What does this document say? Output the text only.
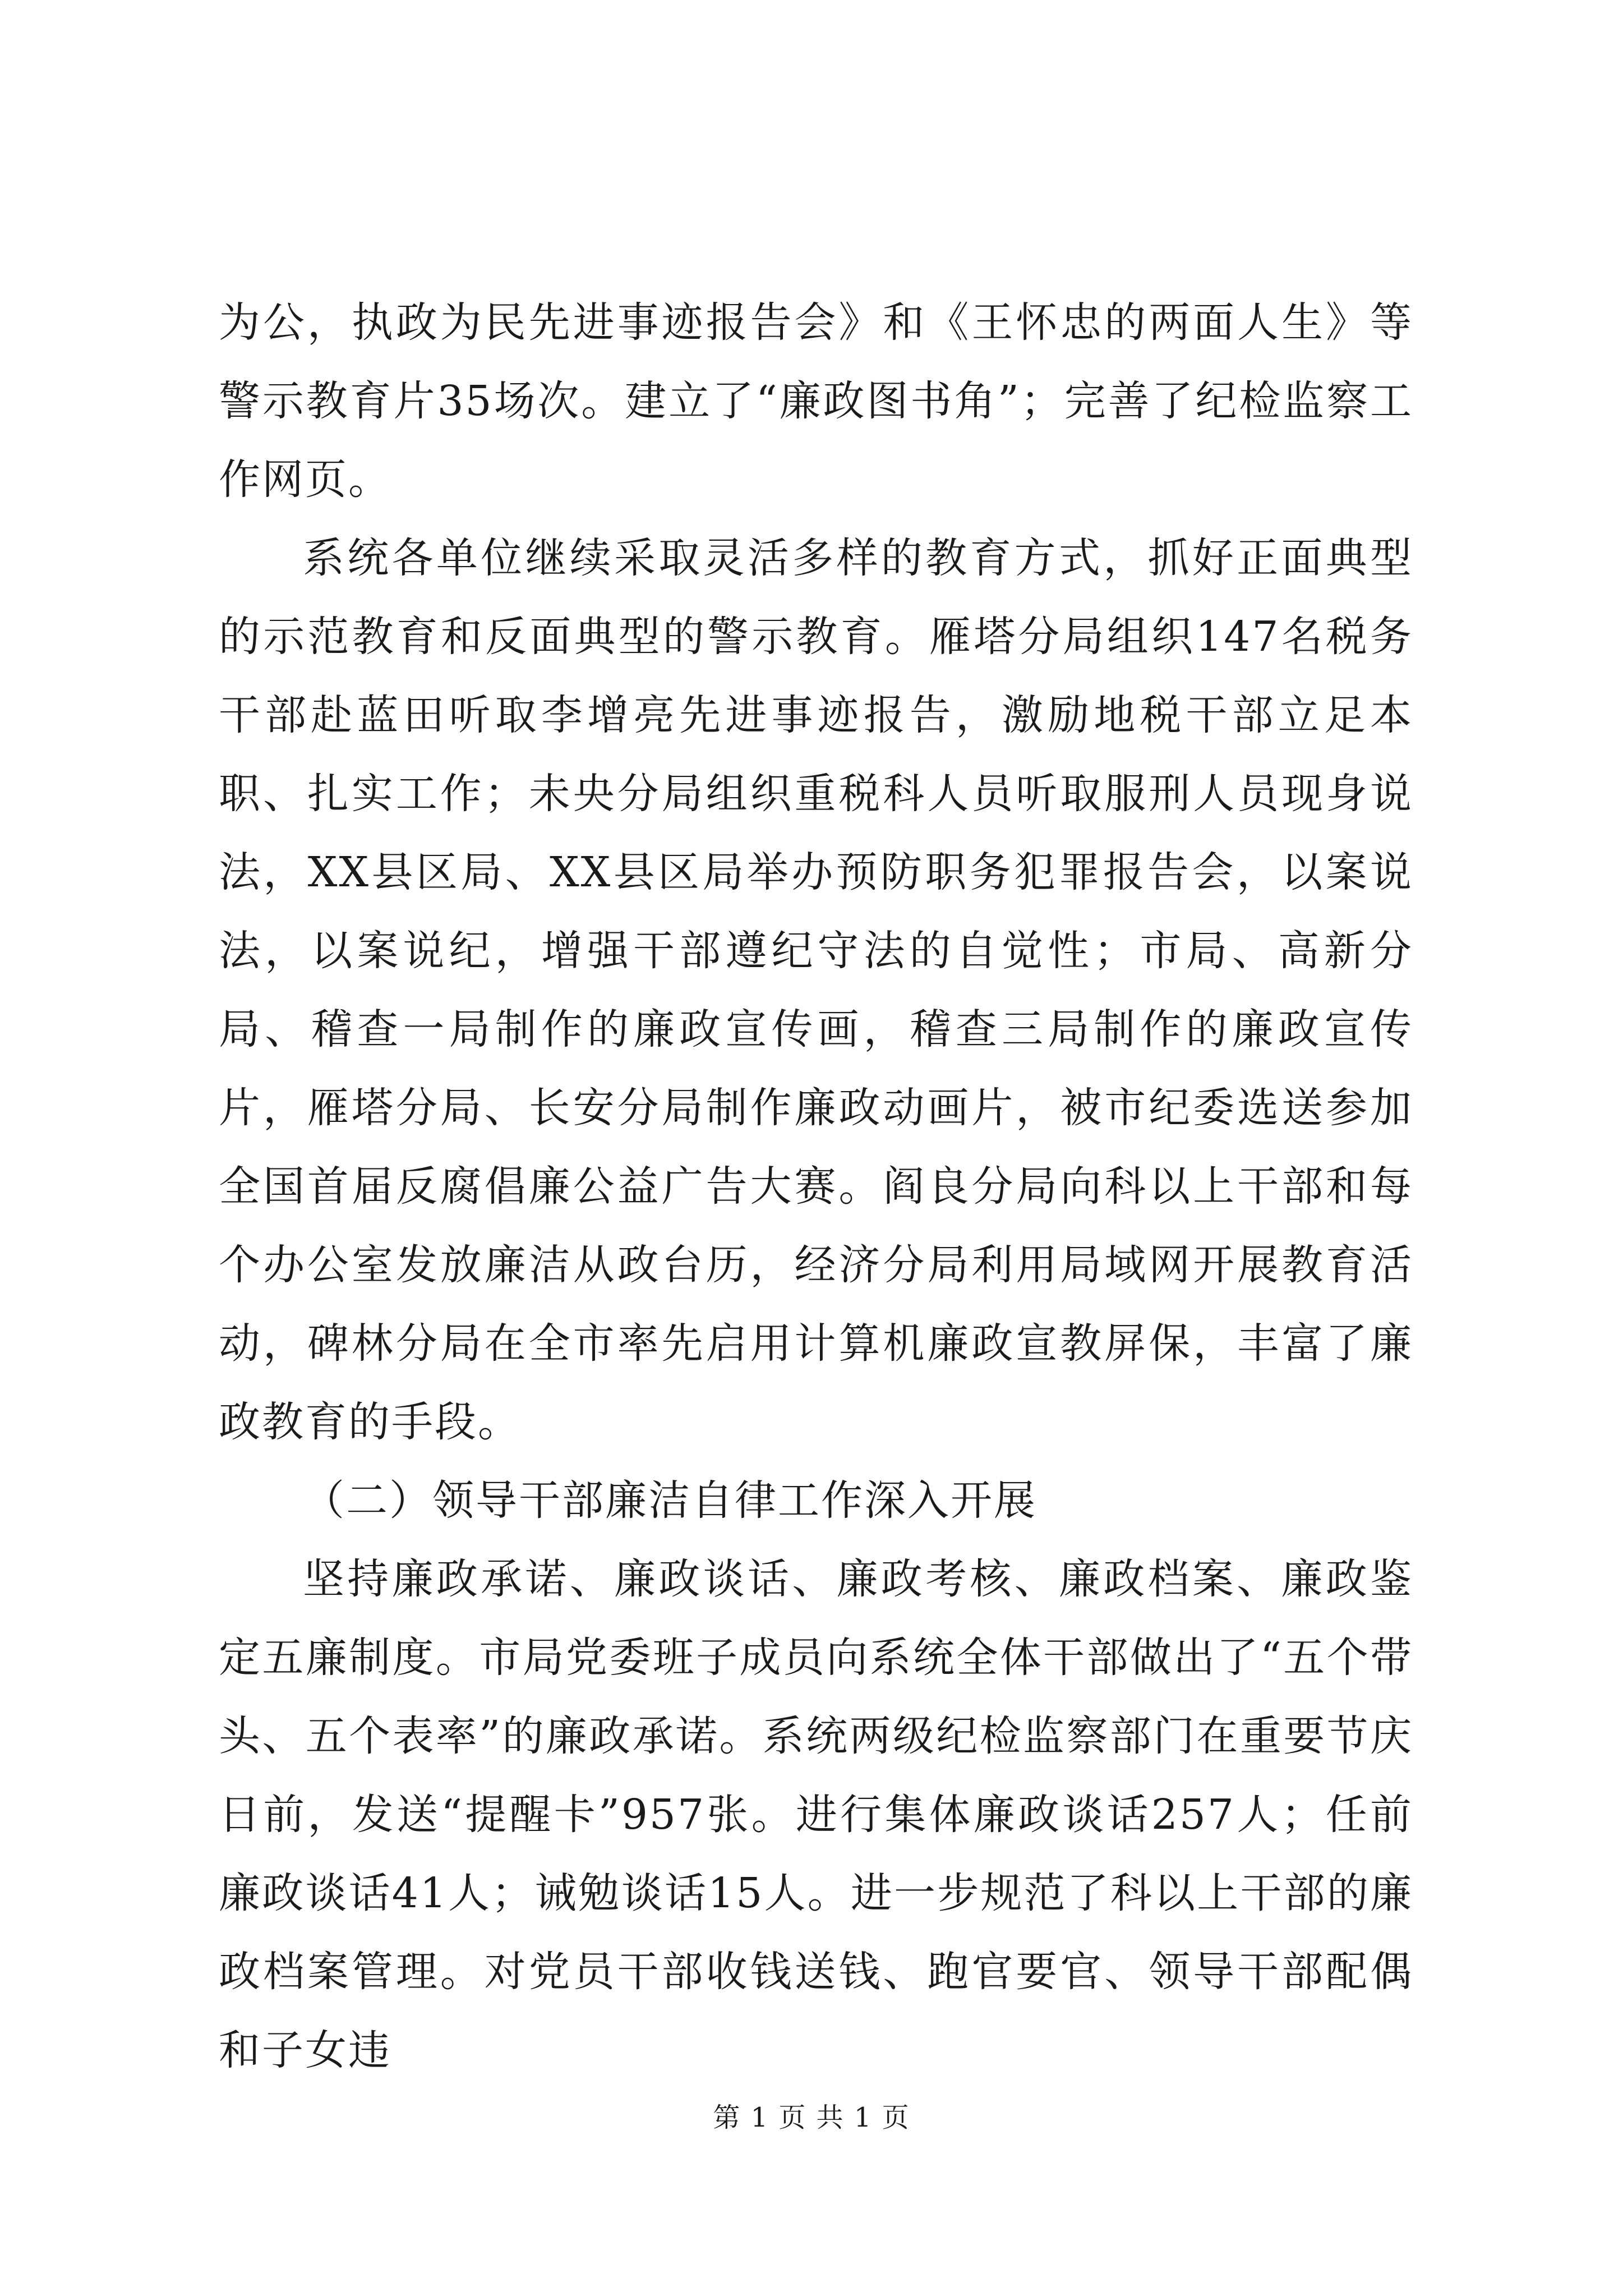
为公，执政为民先进事迹报告会》和《王怀忠的两面人生》等警示教育片35场次。建立了“廉政图书角”；完善了纪检监察工作网页。

系统各单位继续采取灵活多样的教育方式，抓好正面典型的示范教育和反面典型的警示教育。雁塔分局组织147名税务干部赴蓝田听取李增亮先进事迹报告，激励地税干部立足本职、扎实工作；未央分局组织重税科人员听取服刑人员现身说法，XX县区局、XX县区局举办预防职务犯罪报告会，以案说法，以案说纪，增强干部遵纪守法的自觉性；市局、高新分局、稽查一局制作的廉政宣传画，稽查三局制作的廉政宣传片，雁塔分局、长安分局制作廉政动画片，被市纪委选送参加全国首届反腐倡廉公益广告大赛。阎良分局向科以上干部和每个办公室发放廉洁从政台历，经济分局利用局域网开展教育活动，碑林分局在全市率先启用计算机廉政宣教屏保，丰富了廉政教育的手段。

（二）领导干部廉洁自律工作深入开展

坚持廉政承诺、廉政谈话、廉政考核、廉政档案、廉政鉴定五廉制度。市局党委班子成员向系统全体干部做出了“五个带头、五个表率”的廉政承诺。系统两级纪检监察部门在重要节庆日前，发送“提醒卡”957张。进行集体廉政谈话257人；任前廉政谈话41人；诫勉谈话15人。进一步规范了科以上干部的廉政档案管理。对党员干部收钱送钱、跑官要官、领导干部配偶和子女违

第 1 页 共 1 页
